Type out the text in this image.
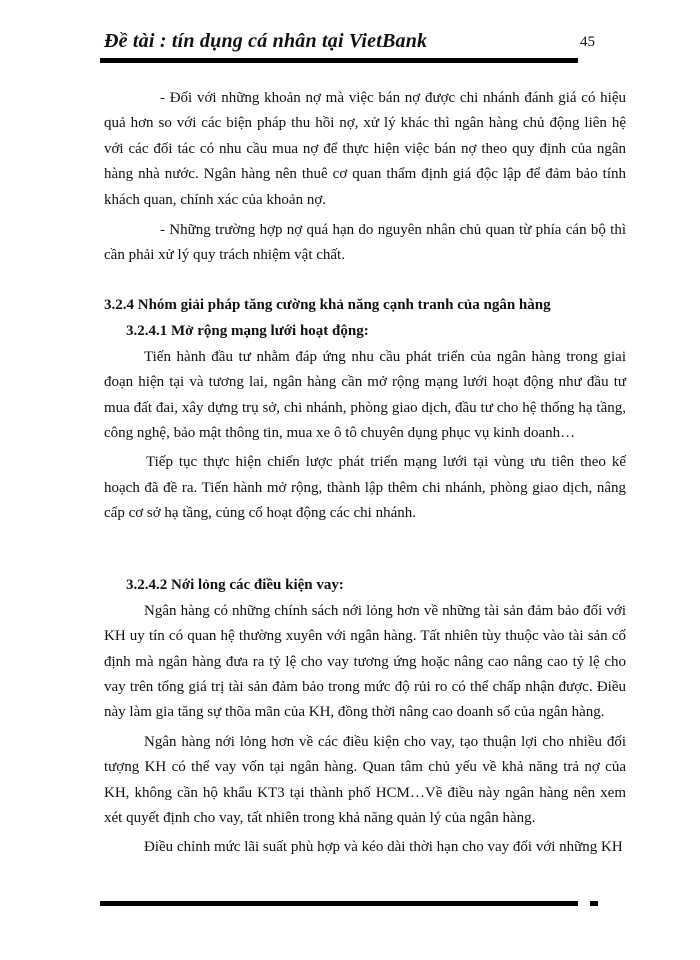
Đề tài : tín dụng cá nhân tại VietBank	45

- Đối với những khoản nợ mà việc bán nợ được chi nhánh đánh giá có hiệu quả hơn so với các biện pháp thu hồi nợ, xử lý khác thì ngân hàng chủ động liên hệ với các đối tác có nhu cầu mua nợ để thực hiện việc bán nợ theo quy định của ngân hàng nhà nước. Ngân hàng nên thuê cơ quan thẩm định giá độc lập để đảm bảo tính khách quan, chính xác của khoản nợ.

- Những trường hợp nợ quá hạn do nguyên nhân chủ quan từ phía cán bộ thì cần phải xử lý quy trách nhiệm vật chất.

3.2.4 Nhóm giải pháp tăng cường khả năng cạnh tranh của ngân hàng

3.2.4.1 Mở rộng mạng lưới hoạt động:

Tiến hành đầu tư nhằm đáp ứng nhu cầu phát triển của ngân hàng trong giai đoạn hiện tại và tương lai, ngân hàng cần mở rộng mạng lưới hoạt động như đầu tư mua đất đai, xây dựng trụ sở, chi nhánh, phòng giao dịch, đầu tư cho hệ thống hạ tầng, công nghệ, bảo mật thông tin, mua xe ô tô chuyên dụng phục vụ kinh doanh…

Tiếp tục thực hiện chiến lược phát triển mạng lưới tại vùng ưu tiên theo kế hoạch đã đề ra. Tiến hành mở rộng, thành lập thêm chi nhánh, phòng giao dịch, nâng cấp cơ sở hạ tầng, củng cố hoạt động các chi nhánh.

3.2.4.2 Nới lỏng các điều kiện vay:

Ngân hàng có những chính sách nới lỏng hơn về những tài sản đảm bảo đối với KH uy tín có quan hệ thường xuyên với ngân hàng. Tất nhiên tùy thuộc vào tài sản cố định mà ngân hàng đưa ra tỷ lệ cho vay tương ứng hoặc nâng cao nâng cao tỷ lệ cho vay trên tổng giá trị tài sản đảm bảo trong mức độ rủi ro có thể chấp nhận được. Điều này làm gia tăng sự thõa mãn của KH, đồng thời nâng cao doanh số của ngân hàng.

Ngân hàng nới lỏng hơn về các điều kiện cho vay, tạo thuận lợi cho nhiều đối tượng KH có thể vay vốn tại ngân hàng. Quan tâm chủ yếu về khả năng trả nợ của KH, không cần hộ khẩu KT3 tại thành phố HCM…Về điều này ngân hàng nên xem xét quyết định cho vay, tất nhiên trong khả năng quản lý của ngân hàng.

Điều chỉnh mức lãi suất phù hợp và kéo dài thời hạn cho vay đối với những KH
